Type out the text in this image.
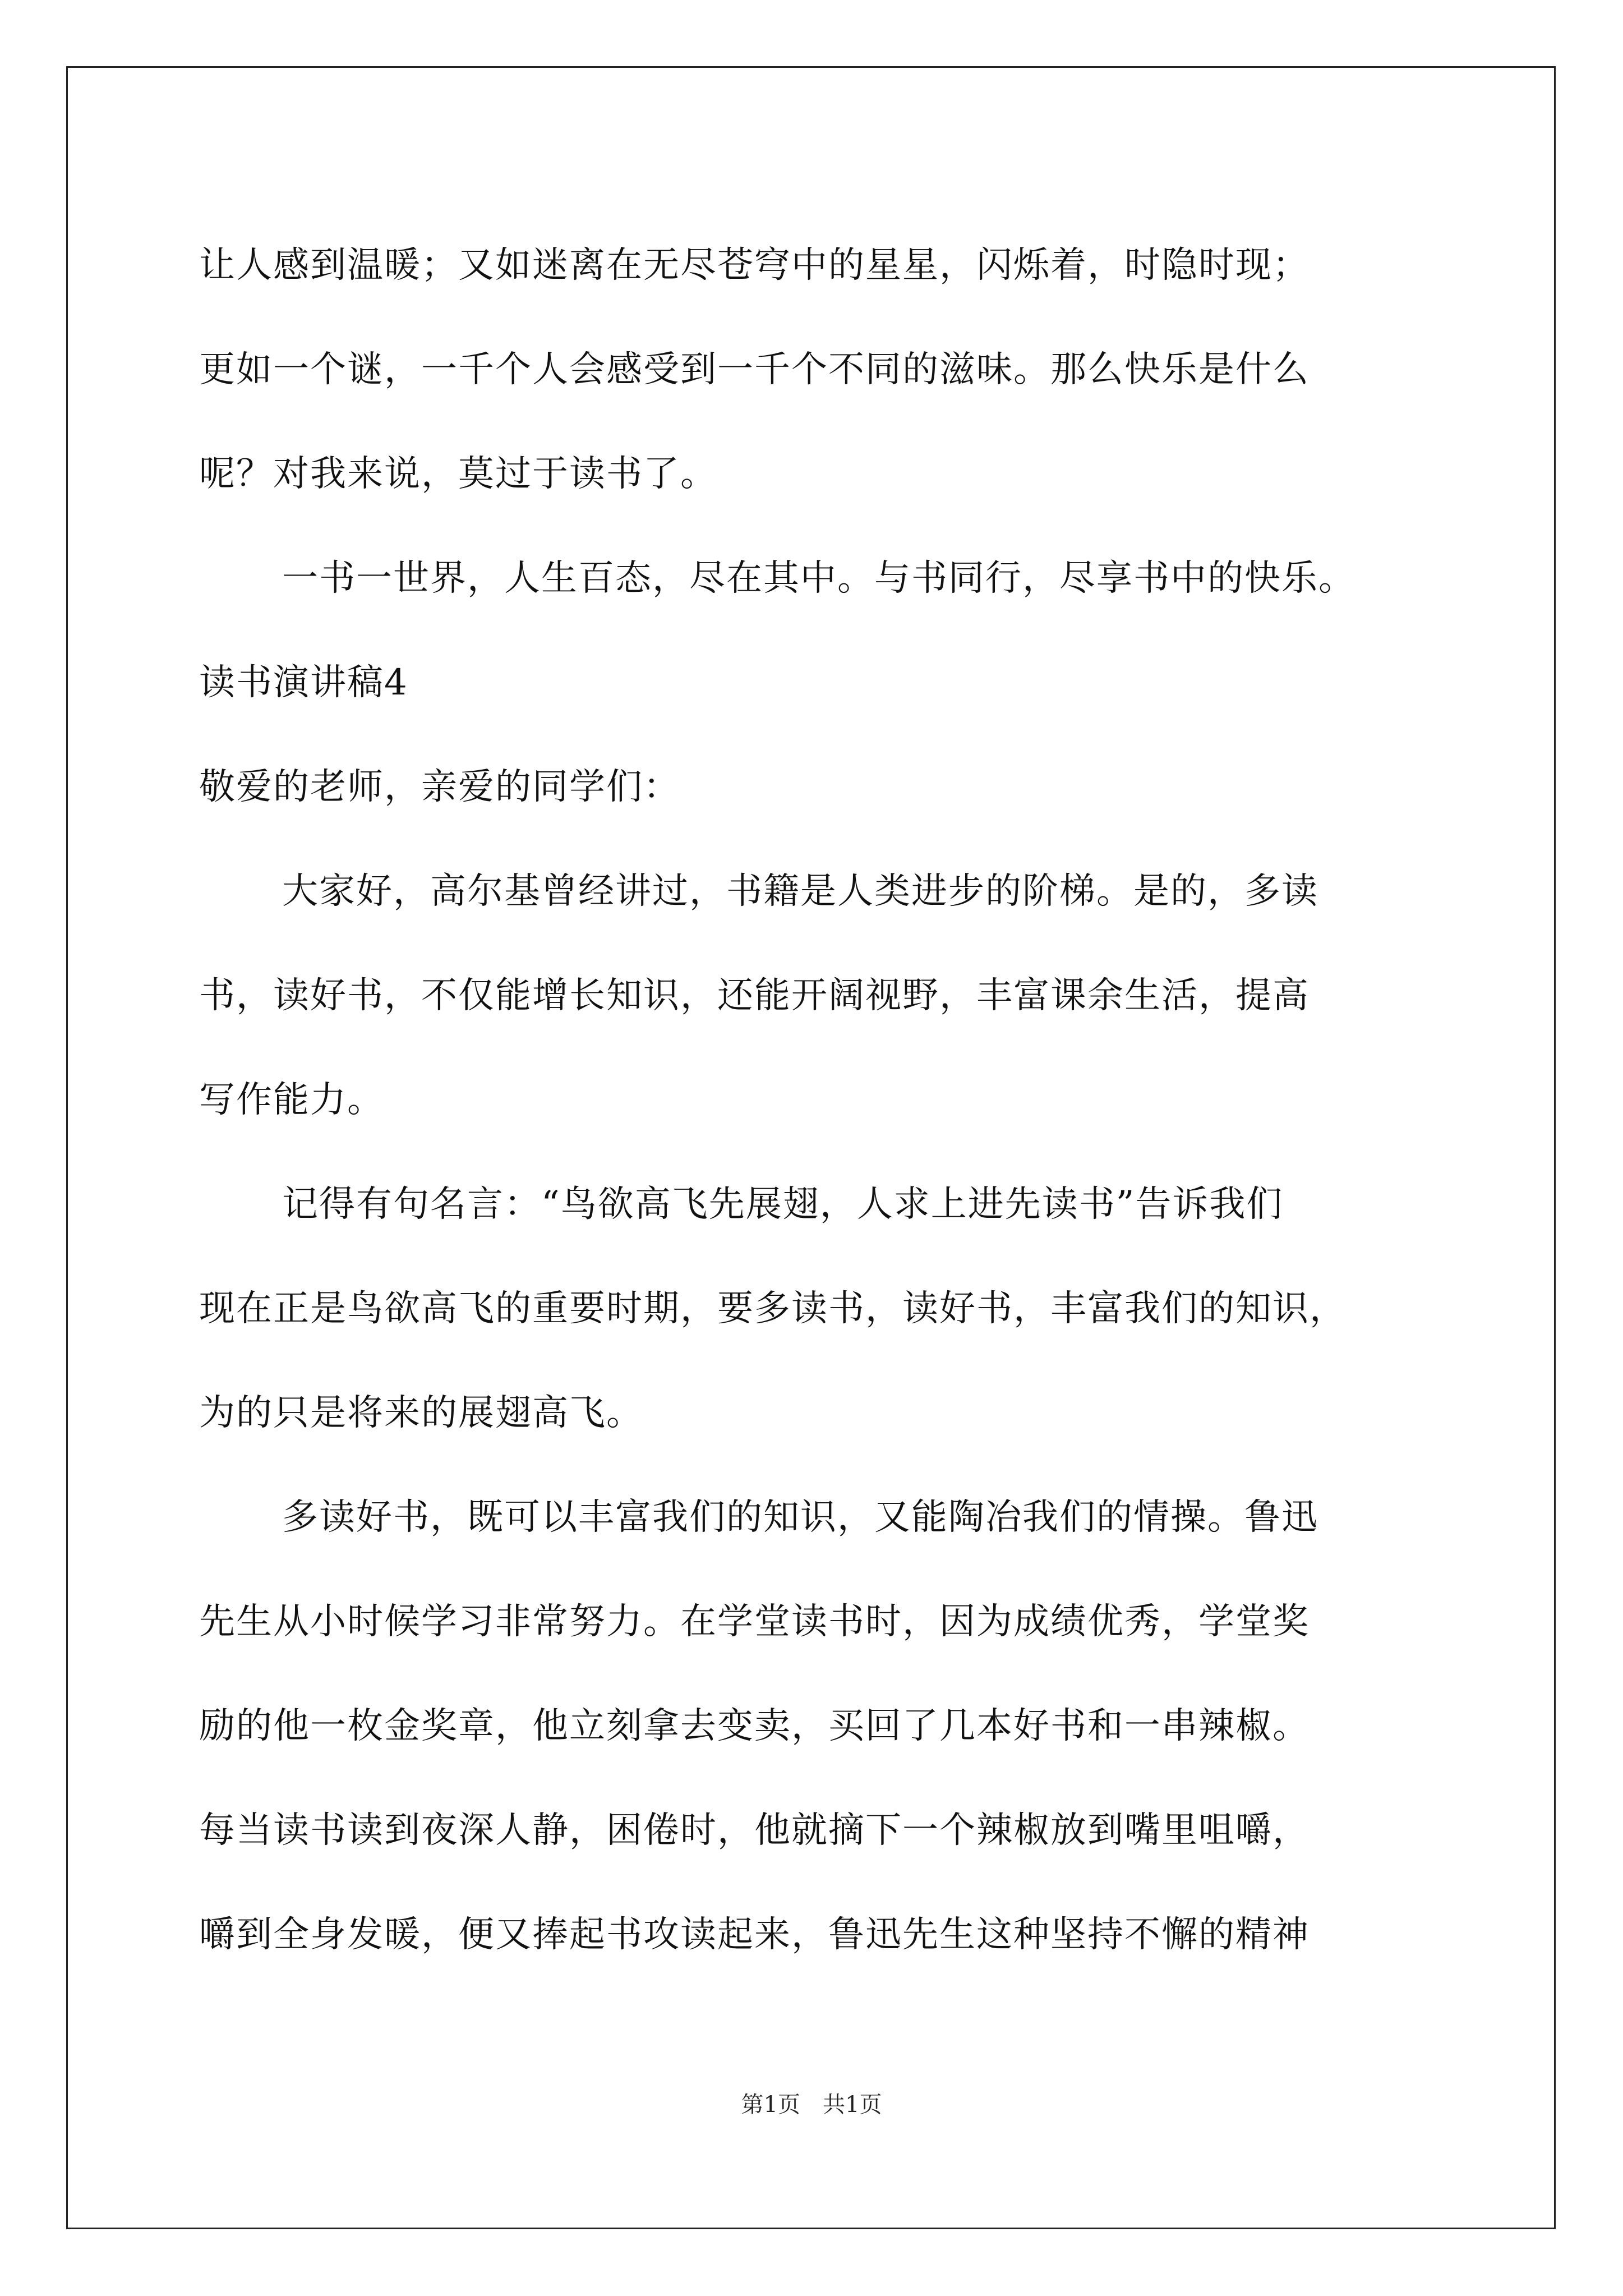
让人感到温暖；又如迷离在无尽苍穹中的星星，闪烁着，时隐时现；
更如一个谜，一千个人会感受到一千个不同的滋味。那么快乐是什么
呢？对我来说，莫过于读书了。
一书一世界，人生百态，尽在其中。与书同行，尽享书中的快乐。
读书演讲稿4
敬爱的老师，亲爱的同学们：
大家好，高尔基曾经讲过，书籍是人类进步的阶梯。是的，多读
书，读好书，不仅能增长知识，还能开阔视野，丰富课余生活，提高
写作能力。
记得有句名言：“鸟欲高飞先展翅，人求上进先读书”告诉我们
现在正是鸟欲高飞的重要时期，要多读书，读好书，丰富我们的知识，
为的只是将来的展翅高飞。
多读好书，既可以丰富我们的知识，又能陶冶我们的情操。鲁迅
先生从小时候学习非常努力。在学堂读书时，因为成绩优秀，学堂奖
励的他一枚金奖章，他立刻拿去变卖，买回了几本好书和一串辣椒。
每当读书读到夜深人静，困倦时，他就摘下一个辣椒放到嘴里咀嚼，
嚼到全身发暖，便又捧起书攻读起来，鲁迅先生这种坚持不懈的精神
第1页 共1页
